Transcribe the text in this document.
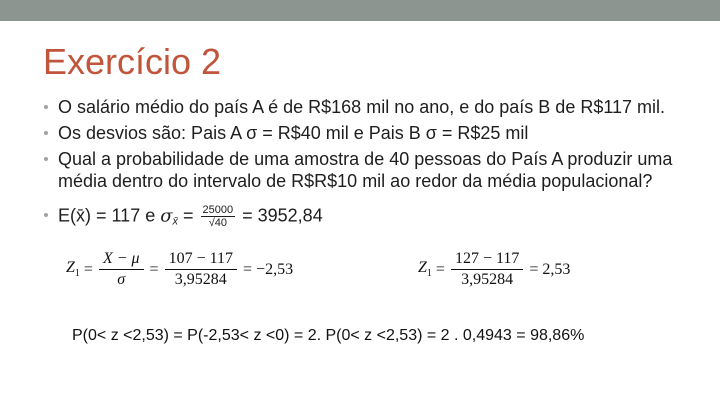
Exercício 2
O salário médio do país A é de R$168 mil no ano, e do país B de R$117 mil.
Os desvios são: Pais A σ = R$40 mil e Pais B σ = R$25 mil
Qual a probabilidade de uma amostra de 40 pessoas do País A produzir uma média dentro do intervalo de R$R$10 mil ao redor da média populacional?
E(x̄) = 117 e $\sigma_{x̄} = \frac{25000}{√40} = 3952,84$
$Z_1 = \frac{X - \mu}{\sigma} = \frac{107 - 117}{3,95284} = -2,53$	$Z_1 = \frac{127 - 117}{3,95284} = 2,53$
P(0< z <2,53) = P(-2,53< z <0) = 2. P(0< z <2,53) = 2 . 0,4943 = 98,86%
